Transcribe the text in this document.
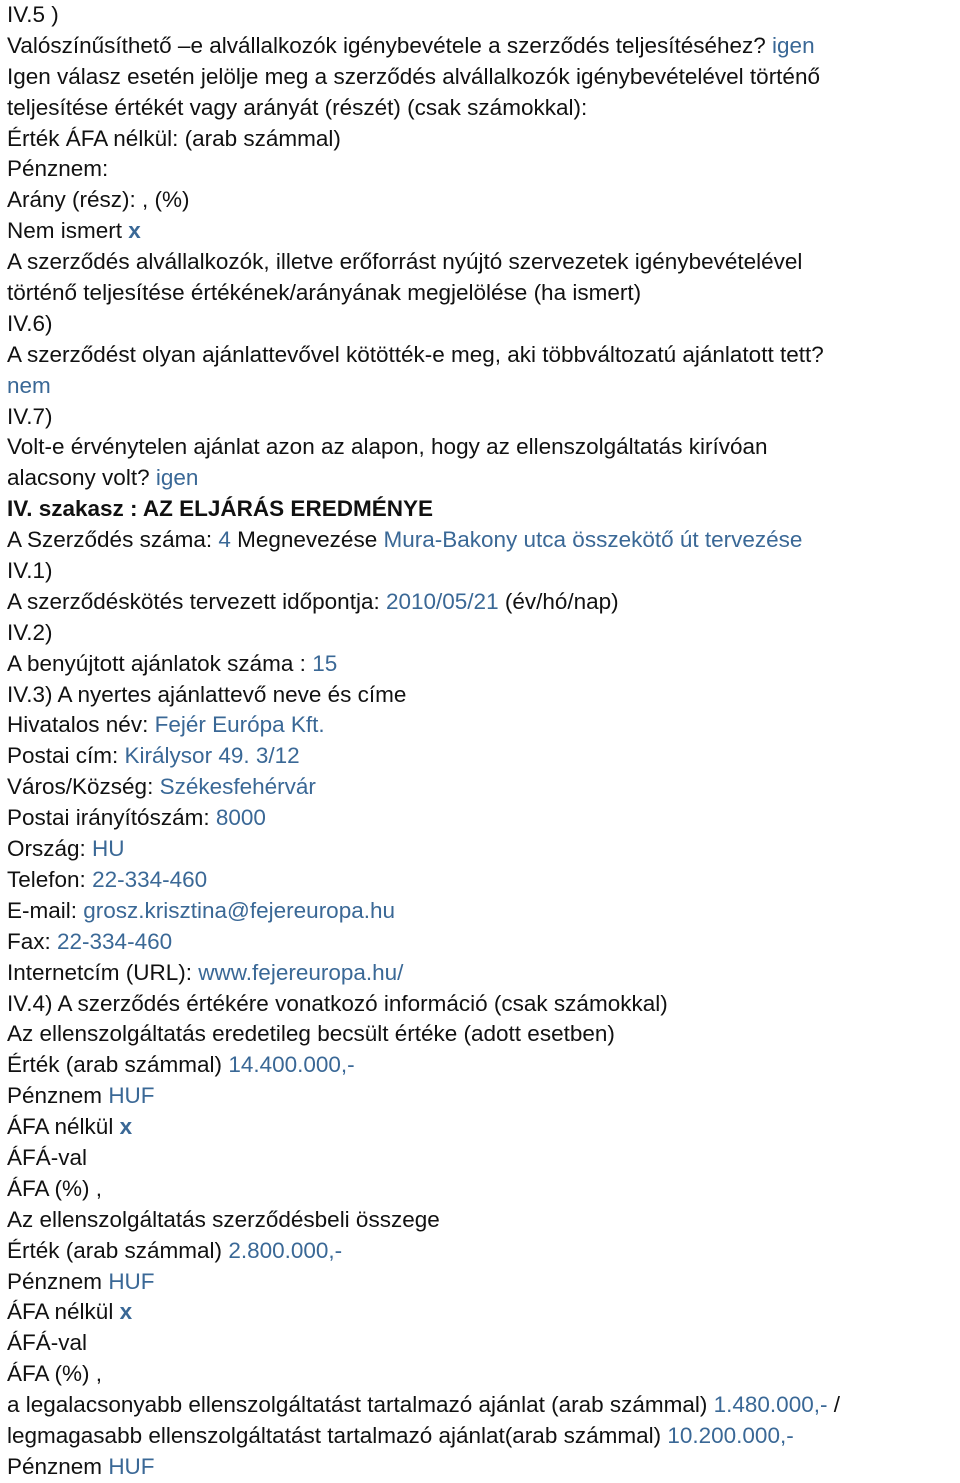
IV.5 )
Valószínűsíthető –e alvállalkozók igénybevétele a szerződés teljesítéséhez? igen
Igen válasz esetén jelölje meg a szerződés alvállalkozók igénybevételével történő
teljesítése értékét vagy arányát (részét) (csak számokkal):
Érték ÁFA nélkül: (arab számmal)
Pénznem:
Arány (rész): , (%)
Nem ismert x
A szerződés alvállalkozók, illetve erőforrást nyújtó szervezetek igénybevételével
történő teljesítése értékének/arányának megjelölése (ha ismert)
IV.6)
A szerződést olyan ajánlattevővel kötötték-e meg, aki többváltozatú ajánlatott tett?
nem
IV.7)
Volt-e érvénytelen ajánlat azon az alapon, hogy az ellenszolgáltatás kirívóan
alacsony volt? igen
IV. szakasz : AZ ELJÁRÁS EREDMÉNYE
A Szerződés száma: 4 Megnevezése Mura-Bakony utca összekötő út tervezése
IV.1)
A szerződéskötés tervezett időpontja: 2010/05/21 (év/hó/nap)
IV.2)
A benyújtott ajánlatok száma : 15
IV.3) A nyertes ajánlattevő neve és címe
Hivatalos név: Fejér Európa Kft.
Postai cím: Királysor 49. 3/12
Város/Község: Székesfehérvár
Postai irányítószám: 8000
Ország: HU
Telefon: 22-334-460
E-mail: grosz.krisztina@fejereuropa.hu
Fax: 22-334-460
Internetcím (URL): www.fejereuropa.hu/
IV.4) A szerződés értékére vonatkozó információ (csak számokkal)
Az ellenszolgáltatás eredetileg becsült értéke (adott esetben)
Érték (arab számmal) 14.400.000,-
Pénznem HUF
ÁFA nélkül x
ÁFÁ-val
ÁFA (%) ,
Az ellenszolgáltatás szerződésbeli összege
Érték (arab számmal) 2.800.000,-
Pénznem HUF
ÁFA nélkül x
ÁFÁ-val
ÁFA (%) ,
a legalacsonyabb ellenszolgáltatást tartalmazó ajánlat (arab számmal) 1.480.000,- /
legmagasabb ellenszolgáltatást tartalmazó ajánlat(arab számmal) 10.200.000,-
Pénznem HUF
